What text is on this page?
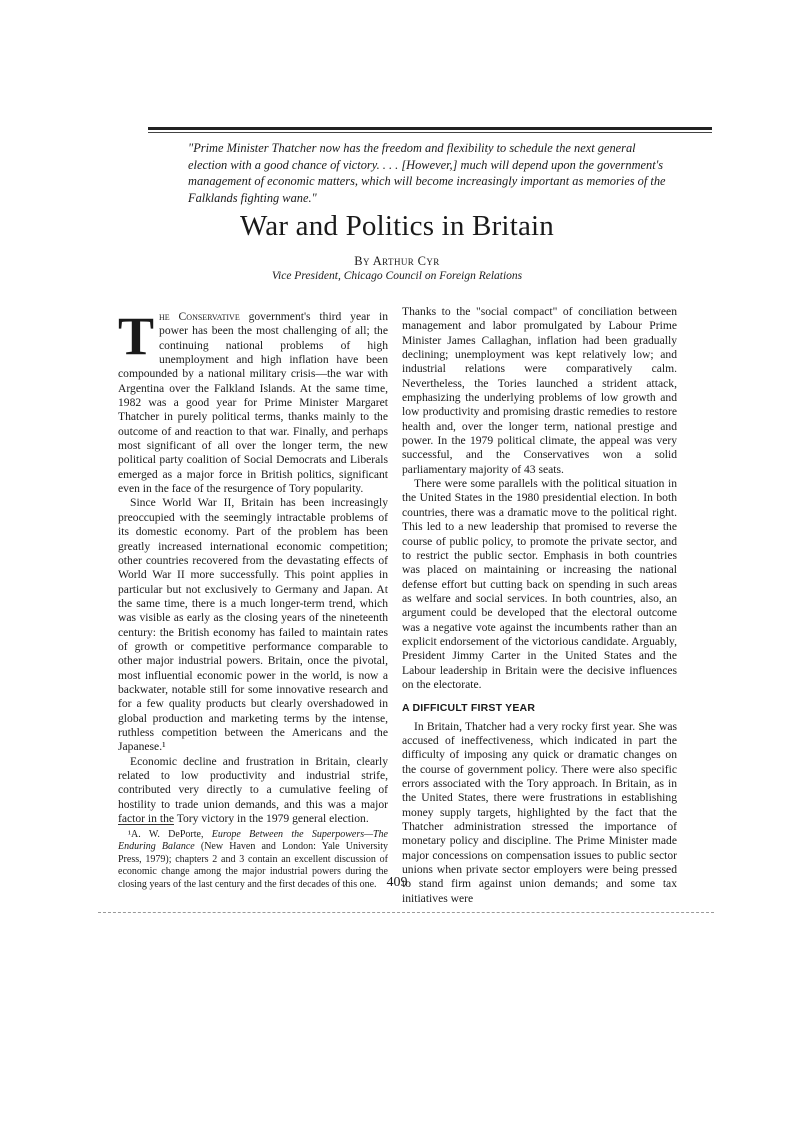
"Prime Minister Thatcher now has the freedom and flexibility to schedule the next general election with a good chance of victory. . . . [However,] much will depend upon the government's management of economic matters, which will become increasingly important as memories of the Falklands fighting wane."
War and Politics in Britain
By Arthur Cyr
Vice President, Chicago Council on Foreign Relations

The Conservative government's third year in power has been the most challenging of all; the continuing national problems of high unemployment and high inflation have been compounded by a national military crisis—the war with Argentina over the Falkland Islands. At the same time, 1982 was a good year for Prime Minister Margaret Thatcher in purely political terms, thanks mainly to the outcome of and reaction to that war. Finally, and perhaps most significant of all over the longer term, the new political party coalition of Social Democrats and Liberals emerged as a major force in British politics, significant even in the face of the resurgence of Tory popularity.

Since World War II, Britain has been increasingly preoccupied with the seemingly intractable problems of its domestic economy. Part of the problem has been greatly increased international economic competition; other countries recovered from the devastating effects of World War II more successfully. This point applies in particular but not exclusively to Germany and Japan. At the same time, there is a much longer-term trend, which was visible as early as the closing years of the nineteenth century: the British economy has failed to maintain rates of growth or competitive performance comparable to other major industrial powers. Britain, once the pivotal, most influential economic power in the world, is now a backwater, notable still for some innovative research and for a few quality products but clearly overshadowed in global production and marketing terms by the intense, ruthless competition between the Americans and the Japanese.¹

Economic decline and frustration in Britain, clearly related to low productivity and industrial strife, contributed very directly to a cumulative feeling of hostility to trade union demands, and this was a major factor in the Tory victory in the 1979 general election.

¹A. W. DePorte, Europe Between the Superpowers—The Enduring Balance (New Haven and London: Yale University Press, 1979); chapters 2 and 3 contain an excellent discussion of economic change among the major industrial powers during the closing years of the last century and the first decades of this one.

Thanks to the "social compact" of conciliation between management and labor promulgated by Labour Prime Minister James Callaghan, inflation had been gradually declining; unemployment was kept relatively low; and industrial relations were comparatively calm. Nevertheless, the Tories launched a strident attack, emphasizing the underlying problems of low growth and low productivity and promising drastic remedies to restore health and, over the longer term, national prestige and power. In the 1979 political climate, the appeal was very successful, and the Conservatives won a solid parliamentary majority of 43 seats.

There were some parallels with the political situation in the United States in the 1980 presidential election. In both countries, there was a dramatic move to the political right. This led to a new leadership that promised to reverse the course of public policy, to promote the private sector, and to restrict the public sector. Emphasis in both countries was placed on maintaining or increasing the national defense effort but cutting back on spending in such areas as welfare and social services. In both countries, also, an argument could be developed that the electoral outcome was a negative vote against the incumbents rather than an explicit endorsement of the victorious candidate. Arguably, President Jimmy Carter in the United States and the Labour leadership in Britain were the decisive influences on the electorate.

A DIFFICULT FIRST YEAR

In Britain, Thatcher had a very rocky first year. She was accused of ineffectiveness, which indicated in part the difficulty of imposing any quick or dramatic changes on the course of government policy. There were also specific errors associated with the Tory approach. In Britain, as in the United States, there were frustrations in establishing money supply targets, highlighted by the fact that the Thatcher administration stressed the importance of monetary policy and discipline. The Prime Minister made major concessions on compensation issues to public sector unions when private sector employers were being pressed to stand firm against union demands; and some tax initiatives were

409
